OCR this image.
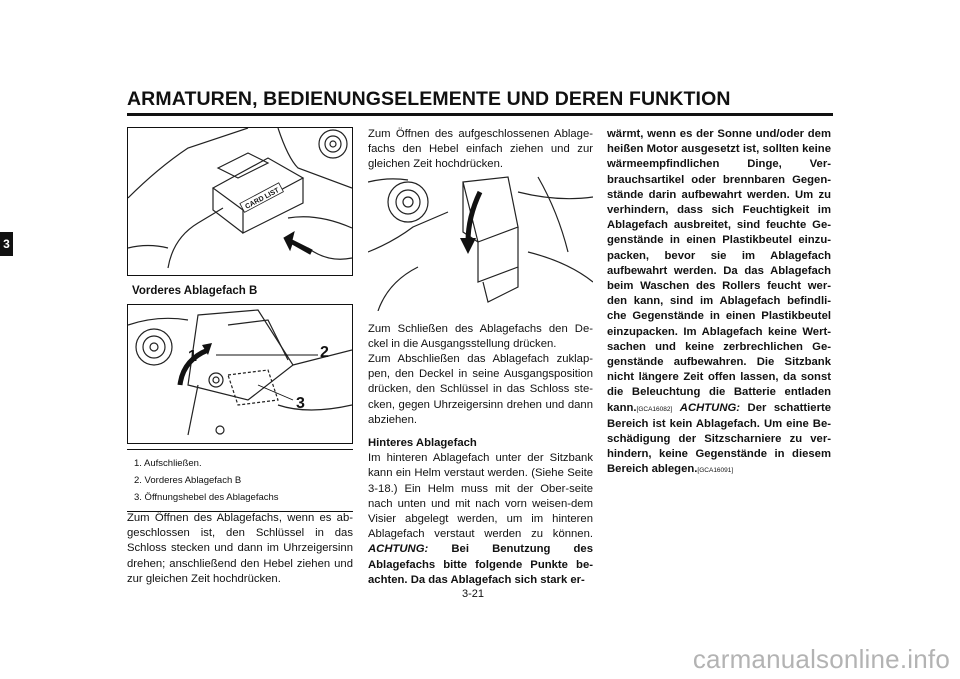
ARMATUREN, BEDIENUNGSELEMENTE UND DEREN FUNKTION
3
CARD LIST
Vorderes Ablagefach B
1	2
3
1. Aufschließen.
2. Vorderes Ablagefach B
3. Öffnungshebel des Ablagefachs

Zum Öffnen des Ablagefachs, wenn es ab-geschlossen ist, den Schlüssel in das Schloss stecken und dann im Uhrzeigersinn drehen; anschließend den Hebel ziehen und zur gleichen Zeit hochdrücken.

Zum Öffnen des aufgeschlossenen Ablage-fachs den Hebel einfach ziehen und zur gleichen Zeit hochdrücken.

Zum Schließen des Ablagefachs den De-ckel in die Ausgangsstellung drücken.

Zum Abschließen das Ablagefach zuklap-pen, den Deckel in seine Ausgangsposition drücken, den Schlüssel in das Schloss ste-cken, gegen Uhrzeigersinn drehen und dann abziehen.

Hinteres Ablagefach
Im hinteren Ablagefach unter der Sitzbank kann ein Helm verstaut werden. (Siehe Seite 3-18.) Ein Helm muss mit der Ober-seite nach unten und mit nach vorn weisen-dem Visier abgelegt werden, um im hinteren Ablagefach verstaut werden zu können. ACHTUNG: Bei Benutzung des Ablagefachs bitte folgende Punkte be-achten. Da das Ablagefach sich stark er-

wärmt, wenn es der Sonne und/oder dem heißen Motor ausgesetzt ist, sollten keine wärmeempfindlichen Dinge, Ver-brauchsartikel oder brennbaren Gegen-stände darin aufbewahrt werden. Um zu verhindern, dass sich Feuchtigkeit im Ablagefach ausbreitet, sind feuchte Ge-genstände in einen Plastikbeutel einzu-packen, bevor sie im Ablagefach aufbewahrt werden. Da das Ablagefach beim Waschen des Rollers feucht wer-den kann, sind im Ablagefach befindli-che Gegenstände in einen Plastikbeutel einzupacken. Im Ablagefach keine Wert-sachen und keine zerbrechlichen Ge-genstände aufbewahren. Die Sitzbank nicht längere Zeit offen lassen, da sonst die Beleuchtung die Batterie entladen kann.[GCA16082] ACHTUNG: Der schattierte Bereich ist kein Ablagefach. Um eine Be-schädigung der Sitzscharniere zu ver-hindern, keine Gegenstände in diesem Bereich ablegen.[GCA16091]

3-21
carmanualsonline.info
